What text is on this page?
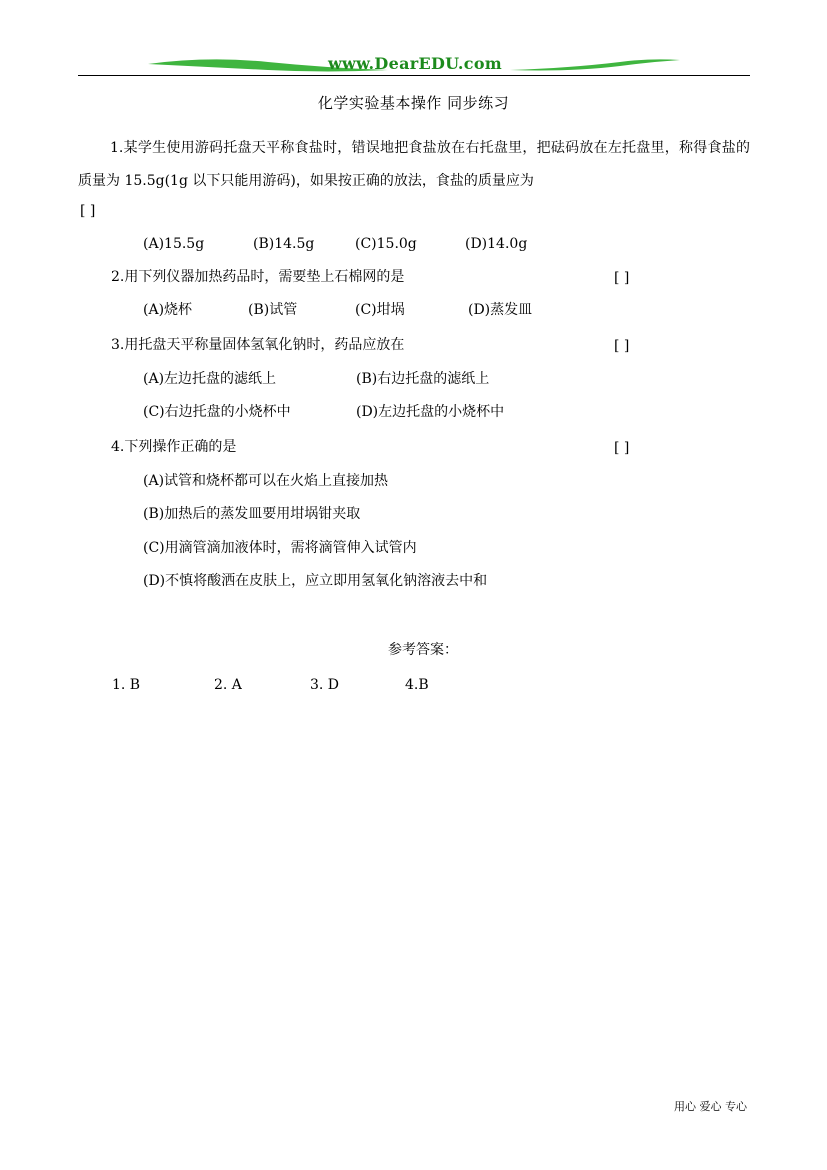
www.DearEDU.com
化学实验基本操作 同步练习
1.某学生使用游码托盘天平称食盐时，错误地把食盐放在右托盘里，把砝码放在左托盘里，称得食盐的质量为 15.5g(1g 以下只能用游码)，如果按正确的放法，食盐的质量应为
[ ]
(A)15.5g	(B)14.5g	(C)15.0g	(D)14.0g
2.用下列仪器加热药品时，需要垫上石棉网的是	[ ]
(A)烧杯	(B)试管	(C)坩埚	(D)蒸发皿
3.用托盘天平称量固体氢氧化钠时，药品应放在	[ ]
(A)左边托盘的滤纸上	(B)右边托盘的滤纸上
(C)右边托盘的小烧杯中	(D)左边托盘的小烧杯中
4.下列操作正确的是	[ ]
(A)试管和烧杯都可以在火焰上直接加热
(B)加热后的蒸发皿要用坩埚钳夹取
(C)用滴管滴加液体时，需将滴管伸入试管内
(D)不慎将酸洒在皮肤上，应立即用氢氧化钠溶液去中和
参考答案：
1. B	2. A	3. D	4.B
用心 爱心 专心
